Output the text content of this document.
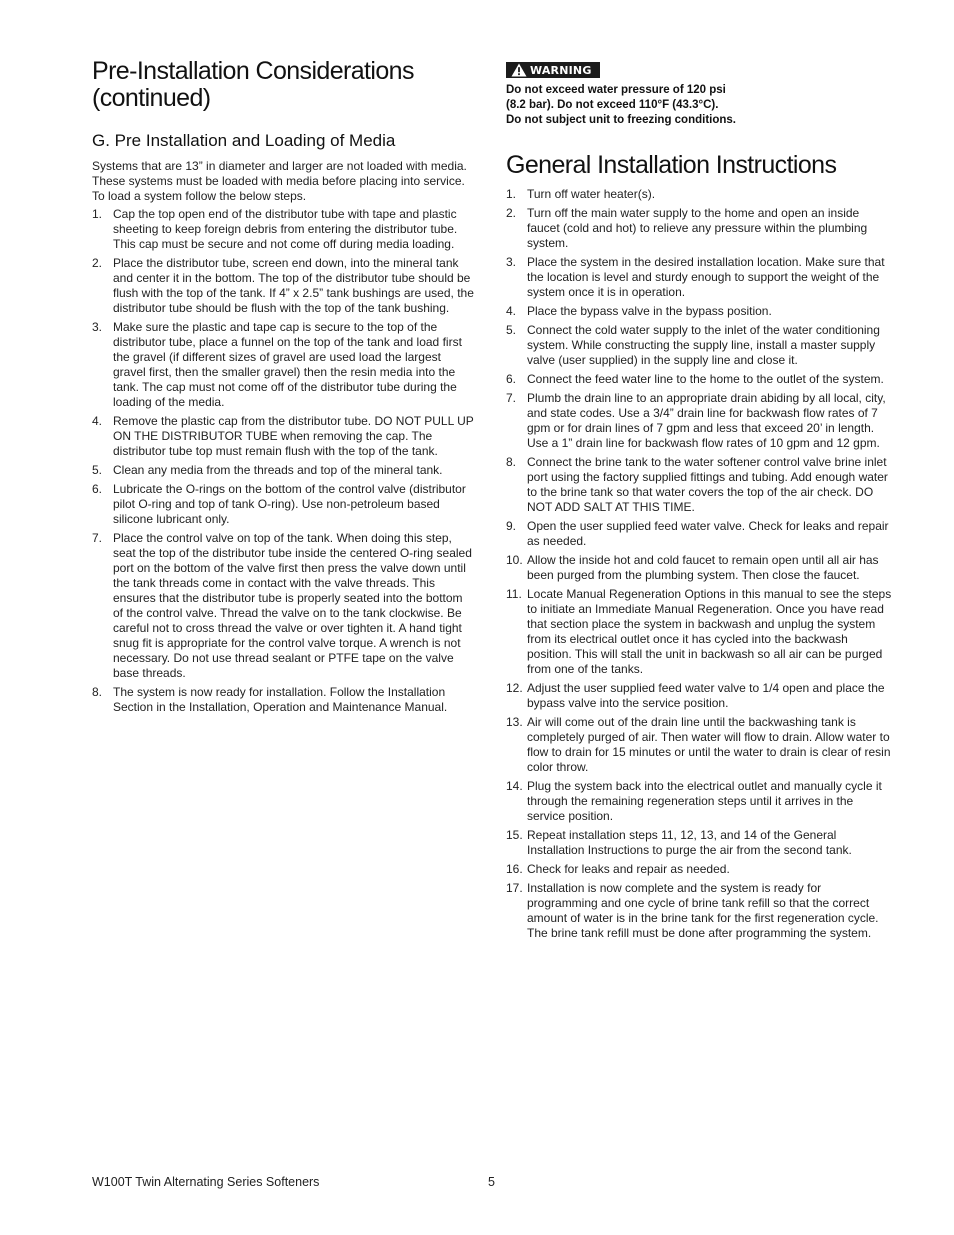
Pre-Installation Considerations
(continued)
G. Pre Installation and Loading of Media

Systems that are 13” in diameter and larger are not loaded with media. These systems must be loaded with media before placing into service. To load a system follow the below steps.

1. Cap the top open end of the distributor tube with tape and plastic sheeting to keep foreign debris from entering the distributor tube. This cap must be secure and not come off during media loading.
2. Place the distributor tube, screen end down, into the mineral tank and center it in the bottom. The top of the distributor tube should be flush with the top of the tank. If 4” x 2.5” tank bushings are used, the distributor tube should be flush with the top of the tank bushing.
3. Make sure the plastic and tape cap is secure to the top of the distributor tube, place a funnel on the top of the tank and load first the gravel (if different sizes of gravel are used load the largest gravel first, then the smaller gravel) then the resin media into the tank. The cap must not come off of the distributor tube during the loading of the media.
4. Remove the plastic cap from the distributor tube. DO NOT PULL UP ON THE DISTRIBUTOR TUBE when removing the cap. The distributor tube top must remain flush with the top of the tank.
5. Clean any media from the threads and top of the mineral tank.
6. Lubricate the O-rings on the bottom of the control valve (distributor pilot O-ring and top of tank O-ring). Use non-petroleum based silicone lubricant only.
7. Place the control valve on top of the tank. When doing this step, seat the top of the distributor tube inside the centered O-ring sealed port on the bottom of the valve first then press the valve down until the tank threads come in contact with the valve threads. This ensures that the distributor tube is properly seated into the bottom of the control valve. Thread the valve on to the tank clockwise. Be careful not to cross thread the valve or over tighten it. A hand tight snug fit is appropriate for the control valve torque. A wrench is not necessary. Do not use thread sealant or PTFE tape on the valve base threads.
8. The system is now ready for installation. Follow the Installation Section in the Installation, Operation and Maintenance Manual.
WARNING

Do not exceed water pressure of 120 psi
(8.2 bar). Do not exceed 110°F (43.3°C).
Do not subject unit to freezing conditions.

General Installation Instructions
1. Turn off water heater(s).
2. Turn off the main water supply to the home and open an inside faucet (cold and hot) to relieve any pressure within the plumbing system.
3. Place the system in the desired installation location. Make sure that the location is level and sturdy enough to support the weight of the system once it is in operation.
4. Place the bypass valve in the bypass position.
5. Connect the cold water supply to the inlet of the water conditioning system. While constructing the supply line, install a master supply valve (user supplied) in the supply line and close it.
6. Connect the feed water line to the home to the outlet of the system.
7. Plumb the drain line to an appropriate drain abiding by all local, city, and state codes. Use a 3/4” drain line for backwash flow rates of 7 gpm or for drain lines of 7 gpm and less that exceed 20’ in length. Use a 1” drain line for backwash flow rates of 10 gpm and 12 gpm.
8. Connect the brine tank to the water softener control valve brine inlet port using the factory supplied fittings and tubing. Add enough water to the brine tank so that water covers the top of the air check. DO NOT ADD SALT AT THIS TIME.
9. Open the user supplied feed water valve. Check for leaks and repair as needed.
10. Allow the inside hot and cold faucet to remain open until all air has been purged from the plumbing system. Then close the faucet.
11. Locate Manual Regeneration Options in this manual to see the steps to initiate an Immediate Manual Regeneration. Once you have read that section place the system in backwash and unplug the system from its electrical outlet once it has cycled into the backwash position. This will stall the unit in backwash so all air can be purged from one of the tanks.
12. Adjust the user supplied feed water valve to 1/4 open and place the bypass valve into the service position.
13. Air will come out of the drain line until the backwashing tank is completely purged of air. Then water will flow to drain. Allow water to flow to drain for 15 minutes or until the water to drain is clear of resin color throw.
14. Plug the system back into the electrical outlet and manually cycle it through the remaining regeneration steps until it arrives in the service position.
15. Repeat installation steps 11, 12, 13, and 14 of the General Installation Instructions to purge the air from the second tank.
16. Check for leaks and repair as needed.
17. Installation is now complete and the system is ready for programming and one cycle of brine tank refill so that the correct amount of water is in the brine tank for the first regeneration cycle. The brine tank refill must be done after programming the system.
W100T Twin Alternating Series Softeners	5
